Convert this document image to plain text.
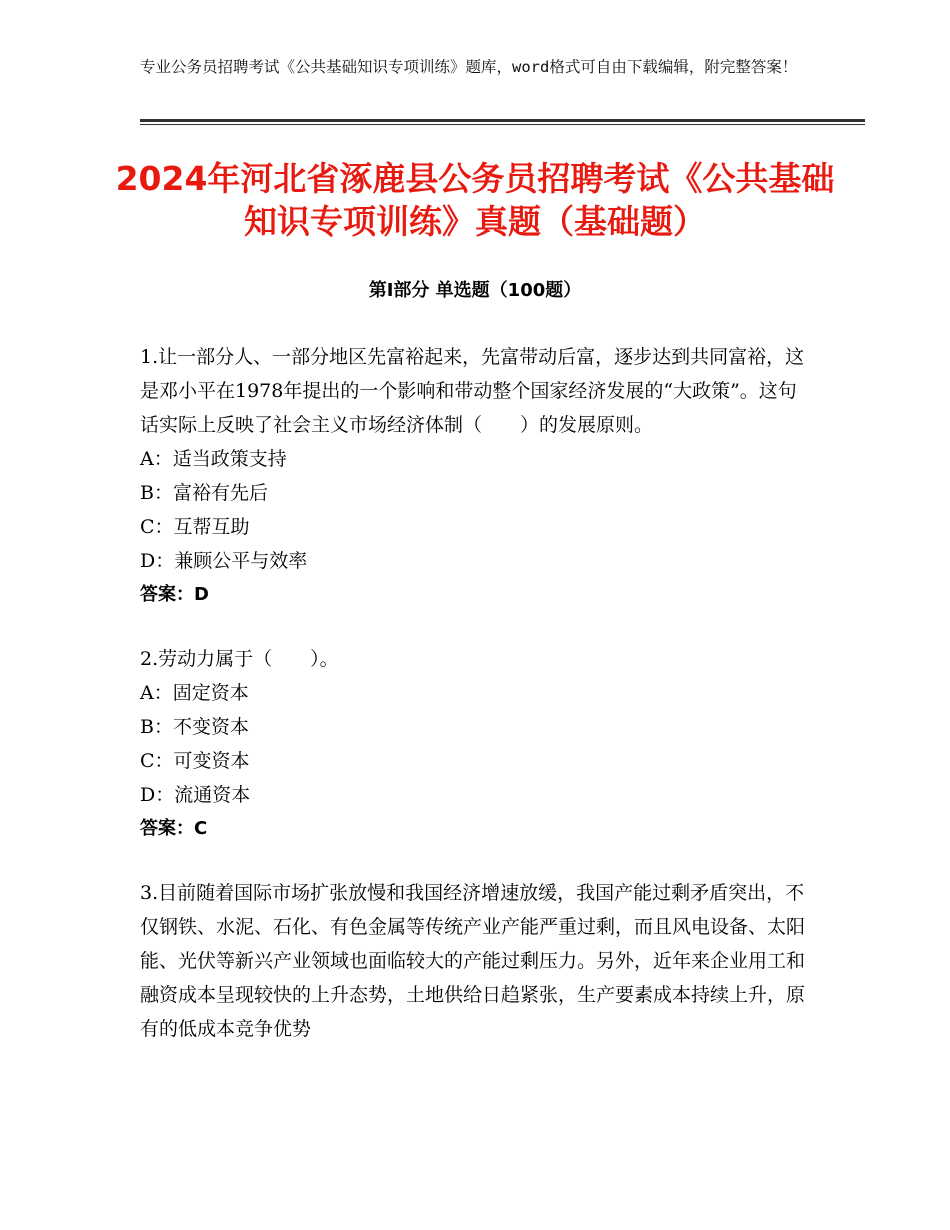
专业公务员招聘考试《公共基础知识专项训练》题库，word格式可自由下载编辑，附完整答案！
2024年河北省涿鹿县公务员招聘考试《公共基础知识专项训练》真题（基础题）
第Ⅰ部分 单选题（100题）
1.让一部分人、一部分地区先富裕起来，先富带动后富，逐步达到共同富裕，这是邓小平在1978年提出的一个影响和带动整个国家经济发展的“大政策”。这句话实际上反映了社会主义市场经济体制（　　）的发展原则。
A：适当政策支持
B：富裕有先后
C：互帮互助
D：兼顾公平与效率
答案：D
2.劳动力属于（　　）。
A：固定资本
B：不变资本
C：可变资本
D：流通资本
答案：C
3.目前随着国际市场扩张放慢和我国经济增速放缓，我国产能过剩矛盾突出，不仅钢铁、水泥、石化、有色金属等传统产业产能严重过剩，而且风电设备、太阳能、光伏等新兴产业领域也面临较大的产能过剩压力。另外，近年来企业用工和融资成本呈现较快的上升态势，土地供给日趋紧张，生产要素成本持续上升，原有的低成本竞争优势
